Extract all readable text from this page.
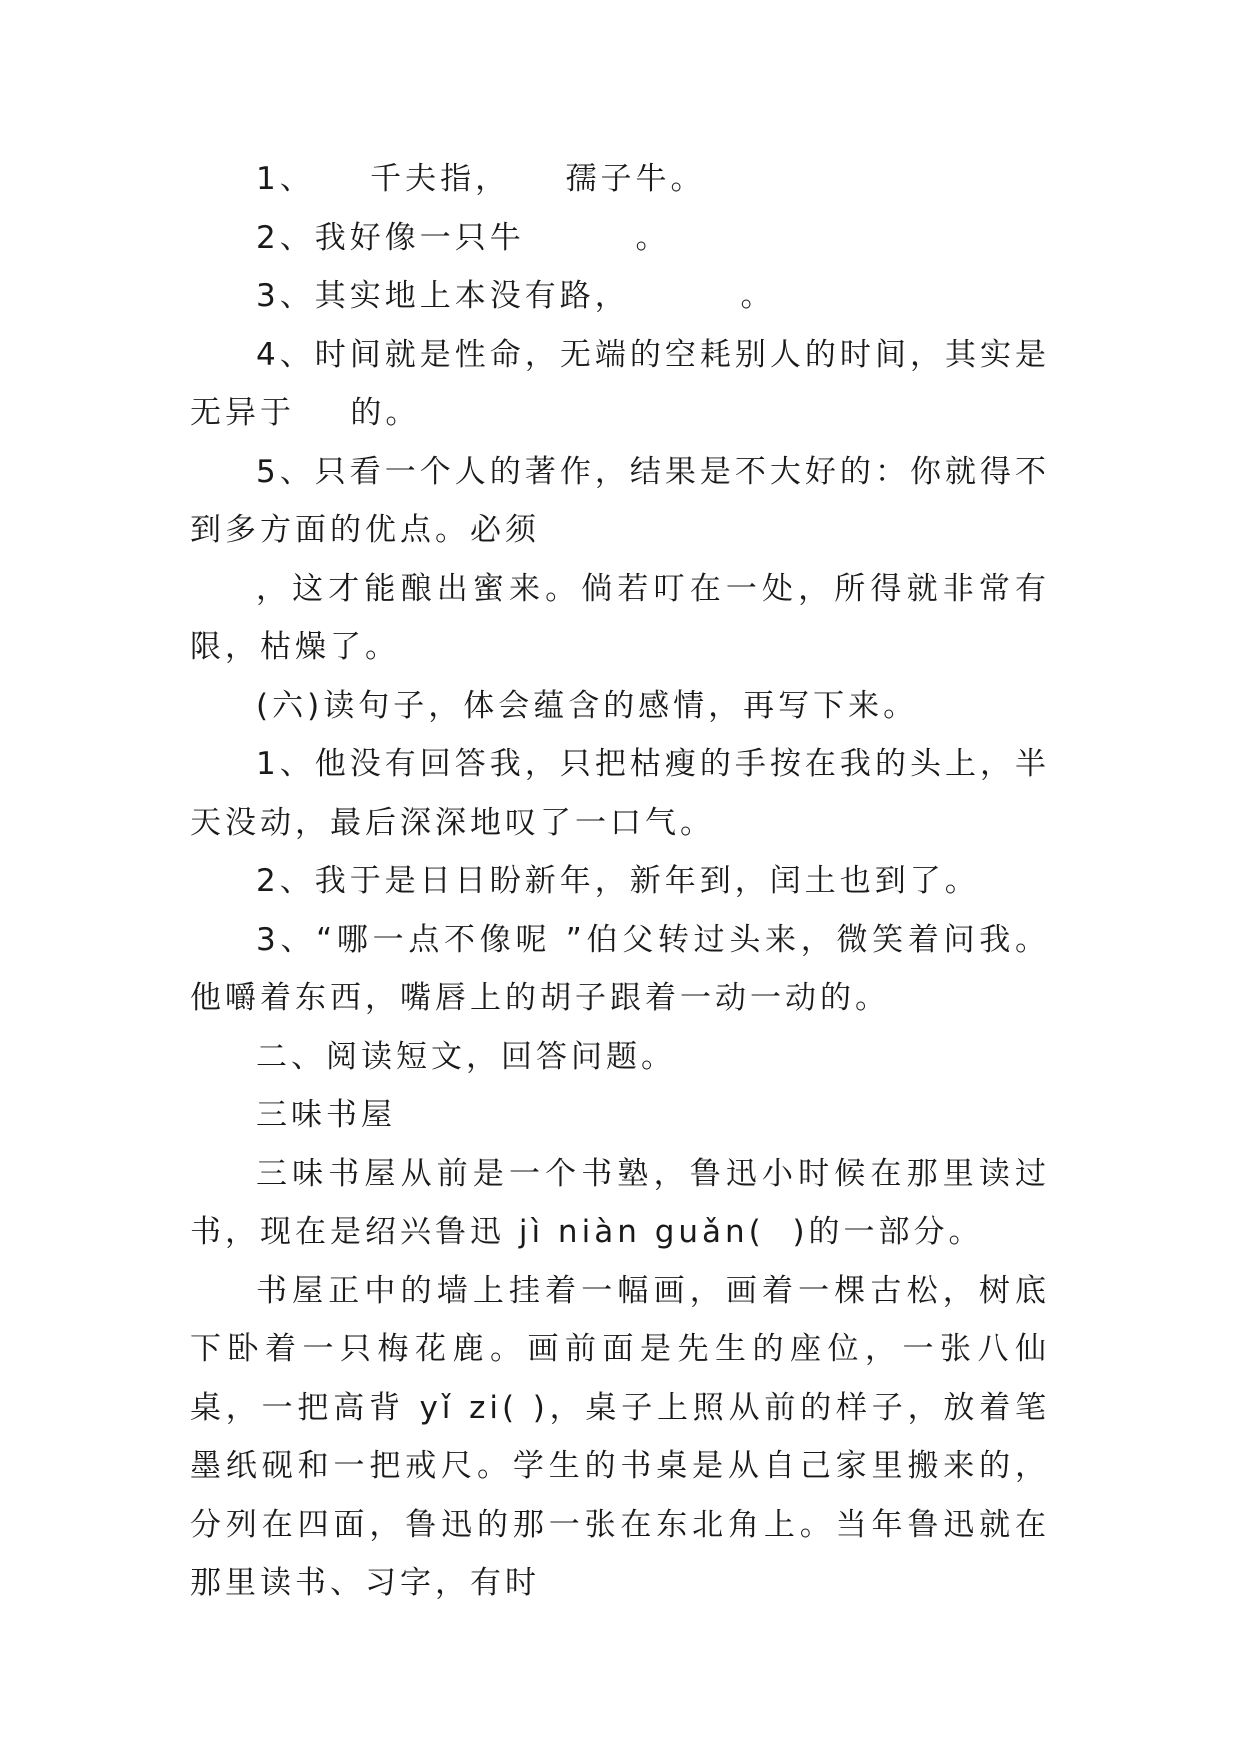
1、    千夫指，    孺子牛。

2、我好像一只牛        。

3、其实地上本没有路，        。

4、时间就是性命，无端的空耗别人的时间，其实是无异于    的。

5、只看一个人的著作，结果是不大好的：你就得不到多方面的优点。必须

，这才能酿出蜜来。倘若叮在一处，所得就非常有限，枯燥了。

(六)读句子，体会蕴含的感情，再写下来。

1、他没有回答我，只把枯瘦的手按在我的头上，半天没动，最后深深地叹了一口气。

2、我于是日日盼新年，新年到，闰土也到了。

3、“哪一点不像呢 ”伯父转过头来，微笑着问我。他嚼着东西，嘴唇上的胡子跟着一动一动的。

二、阅读短文，回答问题。

三味书屋

三味书屋从前是一个书塾，鲁迅小时候在那里读过书，现在是绍兴鲁迅 jì niàn guǎn(  )的一部分。

书屋正中的墙上挂着一幅画，画着一棵古松，树底下卧着一只梅花鹿。画前面是先生的座位，一张八仙桌，一把高背 yǐ zi( )，桌子上照从前的样子，放着笔墨纸砚和一把戒尺。学生的书桌是从自己家里搬来的，分列在四面，鲁迅的那一张在东北角上。当年鲁迅就在那里读书、习字，有时
